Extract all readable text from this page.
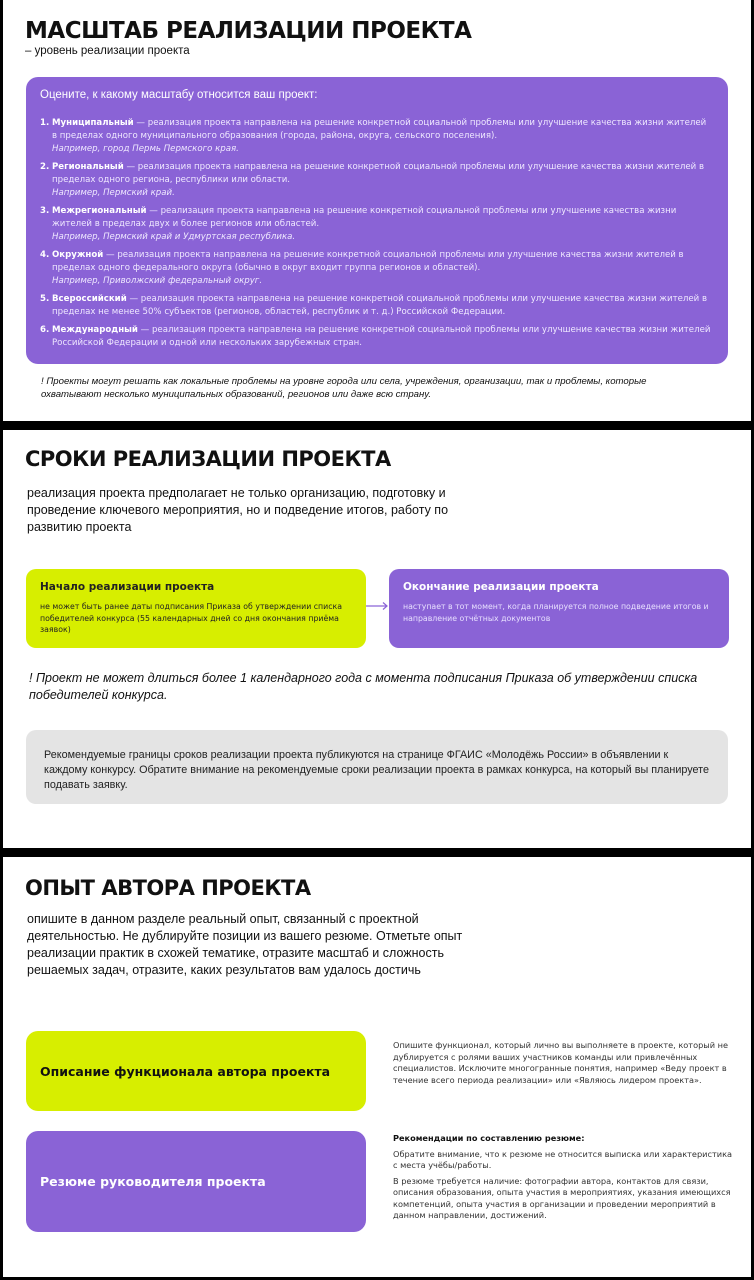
МАСШТАБ РЕАЛИЗАЦИИ ПРОЕКТА
– уровень реализации проекта
Оцените, к какому масштабу относится ваш проект:
1. Муниципальный — реализация проекта направлена на решение конкретной социальной проблемы или улучшение качества жизни жителей в пределах одного муниципального образования (города, района, округа, сельского поселения).
Например, город Пермь Пермского края.
2. Региональный — реализация проекта направлена на решение конкретной социальной проблемы или улучшение качества жизни жителей в пределах одного региона, республики или области.
Например, Пермский край.
3. Межрегиональный — реализация проекта направлена на решение конкретной социальной проблемы или улучшение качества жизни жителей в пределах двух и более регионов или областей.
Например, Пермский край и Удмуртская республика.
4. Окружной — реализация проекта направлена на решение конкретной социальной проблемы или улучшение качества жизни жителей в пределах одного федерального округа (обычно в округ входит группа регионов и областей).
Например, Приволжский федеральный округ.
5. Всероссийский — реализация проекта направлена на решение конкретной социальной проблемы или улучшение качества жизни жителей в пределах не менее 50% субъектов (регионов, областей, республик и т. д.) Российской Федерации.
6. Международный — реализация проекта направлена на решение конкретной социальной проблемы или улучшение качества жизни жителей Российской Федерации и одной или нескольких зарубежных стран.
! Проекты могут решать как локальные проблемы на уровне города или села, учреждения, организации, так и проблемы, которые охватывают несколько муниципальных образований, регионов или даже всю страну.
СРОКИ РЕАЛИЗАЦИИ ПРОЕКТА
реализация проекта предполагает не только организацию, подготовку и проведение ключевого мероприятия, но и подведение итогов, работу по развитию проекта
Начало реализации проекта
не может быть ранее даты подписания Приказа об утверждении списка победителей конкурса (55 календарных дней со дня окончания приёма заявок)
Окончание реализации проекта
наступает в тот момент, когда планируется полное подведение итогов и направление отчётных документов
! Проект не может длиться более 1 календарного года с момента подписания Приказа об утверждении списка победителей конкурса.
Рекомендуемые границы сроков реализации проекта публикуются на странице ФГАИС «Молодёжь России» в объявлении к каждому конкурсу. Обратите внимание на рекомендуемые сроки реализации проекта в рамках конкурса, на который вы планируете подавать заявку.
ОПЫТ АВТОРА ПРОЕКТА
опишите в данном разделе реальный опыт, связанный с проектной деятельностью. Не дублируйте позиции из вашего резюме. Отметьте опыт реализации практик в схожей тематике, отразите масштаб и сложность решаемых задач, отразите, каких результатов вам удалось достичь
Описание функционала автора проекта
Опишите функционал, который лично вы выполняете в проекте, который не дублируется с ролями ваших участников команды или привлечённых специалистов. Исключите многогранные понятия, например «Веду проект в течение всего периода реализации» или «Являюсь лидером проекта».
Резюме руководителя проекта
Рекомендации по составлению резюме:

Обратите внимание, что к резюме не относится выписка или характеристика с места учёбы/работы.

В резюме требуется наличие: фотографии автора, контактов для связи, описания образования, опыта участия в мероприятиях, указания имеющихся компетенций, опыта участия в организации и проведении мероприятий в данном направлении, достижений.
